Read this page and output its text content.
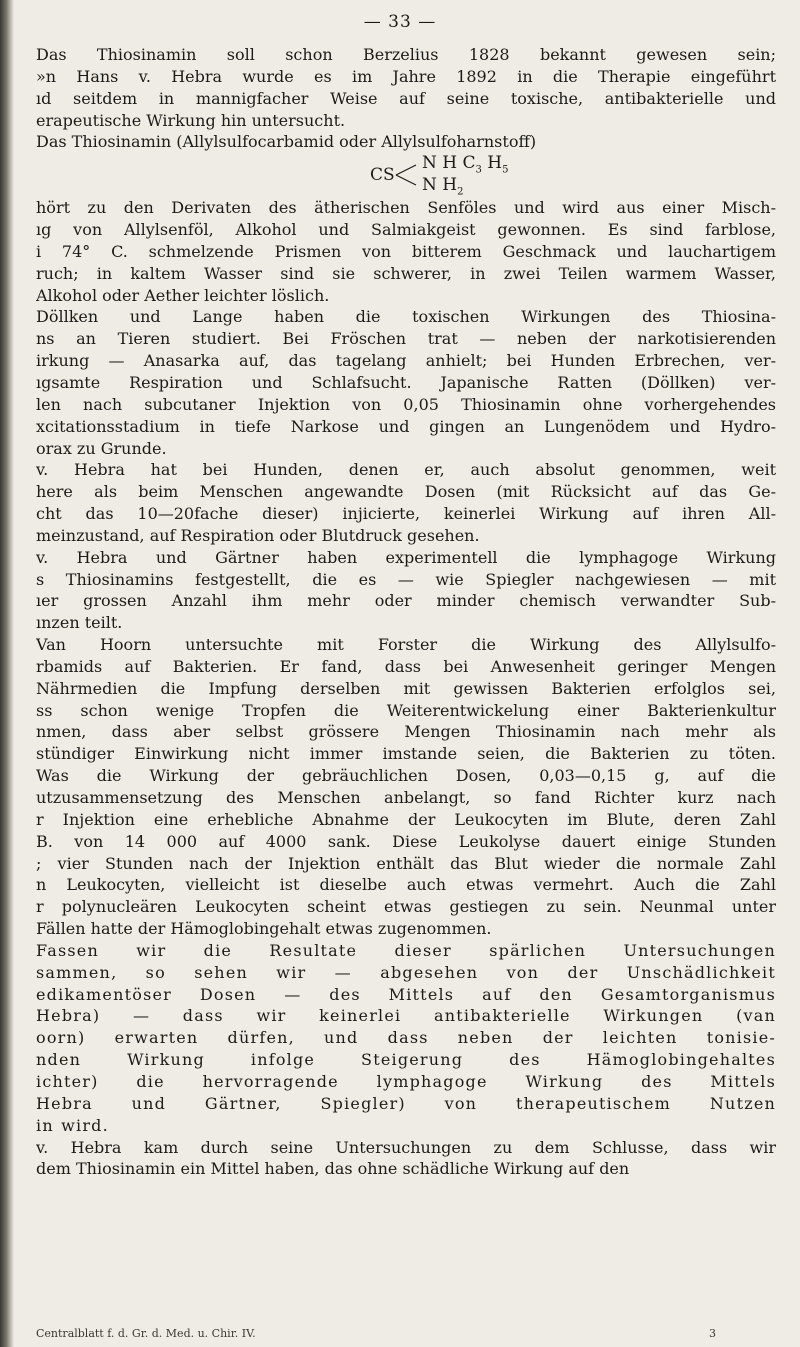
— 33 —
Das Thiosinamin soll schon Berzelius 1828 bekannt gewesen sein;
»n Hans v. Hebra wurde es im Jahre 1892 in die Therapie eingeführt
ıd seitdem in mannigfacher Weise auf seine toxische, antibakterielle und
erapeutische Wirkung hin untersucht.
Das Thiosinamin (Allylsulfocarbamid oder Allylsulfoharnstoff)
CS
N H $C_3$ $H_5$
N $H_2$
hört zu den Derivaten des ätherischen Senföles und wird aus einer Misch-
ıg von Allylsenföl, Alkohol und Salmiakgeist gewonnen. Es sind farblose,
i 74° C. schmelzende Prismen von bitterem Geschmack und lauchartigem
ruch; in kaltem Wasser sind sie schwerer, in zwei Teilen warmem Wasser,
Alkohol oder Aether leichter löslich.
Döllken und Lange haben die toxischen Wirkungen des Thiosina-
ns an Tieren studiert. Bei Fröschen trat — neben der narkotisierenden
irkung — Anasarka auf, das tagelang anhielt; bei Hunden Erbrechen, ver-
ıgsamte Respiration und Schlafsucht. Japanische Ratten (Döllken) ver-
len nach subcutaner Injektion von 0,05 Thiosinamin ohne vorhergehendes
xcitationsstadium in tiefe Narkose und gingen an Lungenödem und Hydro-
orax zu Grunde.
v. Hebra hat bei Hunden, denen er, auch absolut genommen, weit
here als beim Menschen angewandte Dosen (mit Rücksicht auf das Ge-
cht das 10—20fache dieser) injicierte, keinerlei Wirkung auf ihren All-
meinzustand, auf Respiration oder Blutdruck gesehen.
v. Hebra und Gärtner haben experimentell die lymphagoge Wirkung
s Thiosinamins festgestellt, die es — wie Spiegler nachgewiesen — mit
ıer grossen Anzahl ihm mehr oder minder chemisch verwandter Sub-
ınzen teilt.
Van Hoorn untersuchte mit Forster die Wirkung des Allylsulfo-
rbamids auf Bakterien. Er fand, dass bei Anwesenheit geringer Mengen
Nährmedien die Impfung derselben mit gewissen Bakterien erfolglos sei,
ss schon wenige Tropfen die Weiterentwickelung einer Bakterienkultur
nmen, dass aber selbst grössere Mengen Thiosinamin nach mehr als
stündiger Einwirkung nicht immer imstande seien, die Bakterien zu töten.
Was die Wirkung der gebräuchlichen Dosen, 0,03—0,15 g, auf die
utzusammensetzung des Menschen anbelangt, so fand Richter kurz nach
r Injektion eine erhebliche Abnahme der Leukocyten im Blute, deren Zahl
B. von 14 000 auf 4000 sank. Diese Leukolyse dauert einige Stunden
; vier Stunden nach der Injektion enthält das Blut wieder die normale Zahl
n Leukocyten, vielleicht ist dieselbe auch etwas vermehrt. Auch die Zahl
r polynucleären Leukocyten scheint etwas gestiegen zu sein. Neunmal unter
Fällen hatte der Hämoglobingehalt etwas zugenommen.
Fassen wir die Resultate dieser spärlichen Untersuchungen
sammen, so sehen wir — abgesehen von der Unschädlichkeit
edikamentöser Dosen — des Mittels auf den Gesamtorganismus
Hebra) — dass wir keinerlei antibakterielle Wirkungen (van
oorn) erwarten dürfen, und dass neben der leichten tonisie-
nden Wirkung infolge Steigerung des Hämoglobingehaltes
ichter) die hervorragende lymphagoge Wirkung des Mittels
Hebra und Gärtner, Spiegler) von therapeutischem Nutzen
in wird.
v. Hebra kam durch seine Untersuchungen zu dem Schlusse, dass wir
dem Thiosinamin ein Mittel haben, das ohne schädliche Wirkung auf den
Centralblatt f. d. Gr. d. Med. u. Chir. IV.	3
